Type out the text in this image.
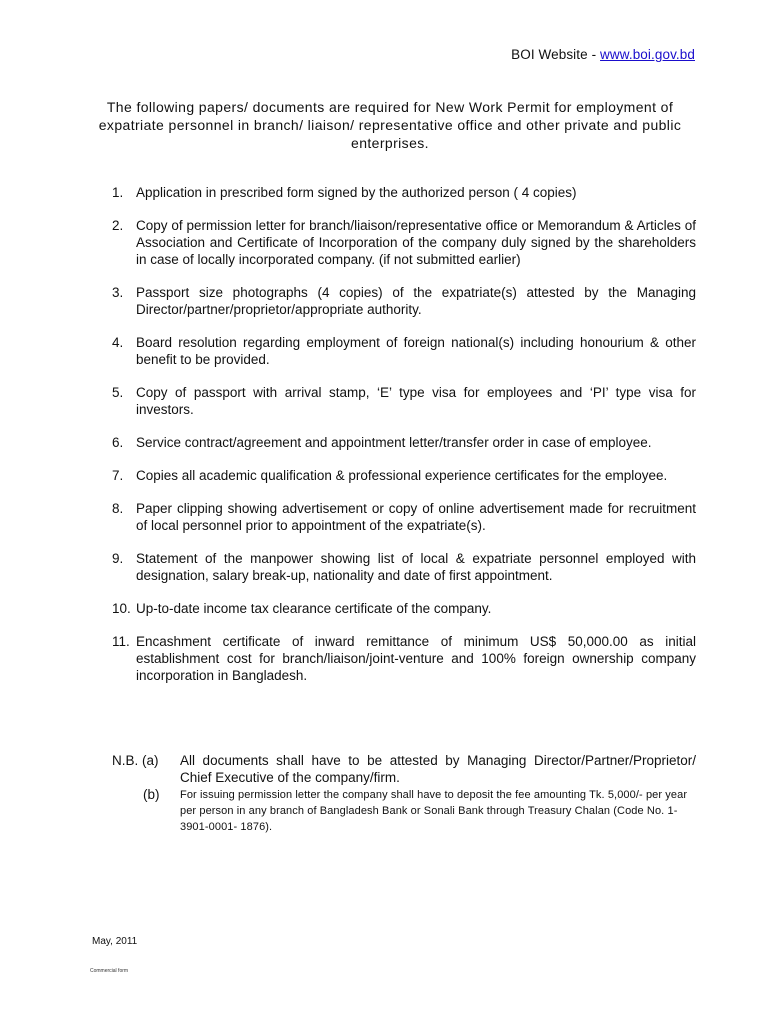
BOI Website - www.boi.gov.bd
The following papers/ documents are required for New Work Permit for employment of expatriate personnel in branch/ liaison/ representative office and other private and public enterprises.
1. Application in prescribed form signed by the authorized person ( 4 copies)
2. Copy of permission letter for branch/liaison/representative office or Memorandum & Articles of Association and Certificate of Incorporation of the company duly signed by the shareholders in case of locally incorporated company. (if not submitted earlier)
3. Passport size photographs (4 copies) of the expatriate(s) attested by the Managing Director/partner/proprietor/appropriate authority.
4. Board resolution regarding employment of foreign national(s) including honourium & other benefit to be provided.
5. Copy of passport with arrival stamp, ‘E’ type visa for employees and ‘PI’ type visa for investors.
6. Service contract/agreement and appointment letter/transfer order in case of employee.
7. Copies all academic qualification & professional experience certificates for the employee.
8. Paper clipping showing advertisement or copy of online advertisement made for recruitment of local personnel prior to appointment of the expatriate(s).
9. Statement of the manpower showing list of local & expatriate personnel employed with designation, salary break-up, nationality and date of first appointment.
10. Up-to-date income tax clearance certificate of the company.
11. Encashment certificate of inward remittance of minimum US$ 50,000.00 as initial establishment cost for branch/liaison/joint-venture and 100% foreign ownership company incorporation in Bangladesh.
N.B. (a)	All documents shall have to be attested by Managing Director/Partner/Proprietor/ Chief Executive of the company/firm.
(b)	For issuing permission letter the company shall have to deposit the fee amounting Tk. 5,000/- per year per person in any branch of Bangladesh Bank or Sonali Bank through Treasury Chalan (Code No. 1-3901-0001- 1876).
May, 2011
Commercial form
